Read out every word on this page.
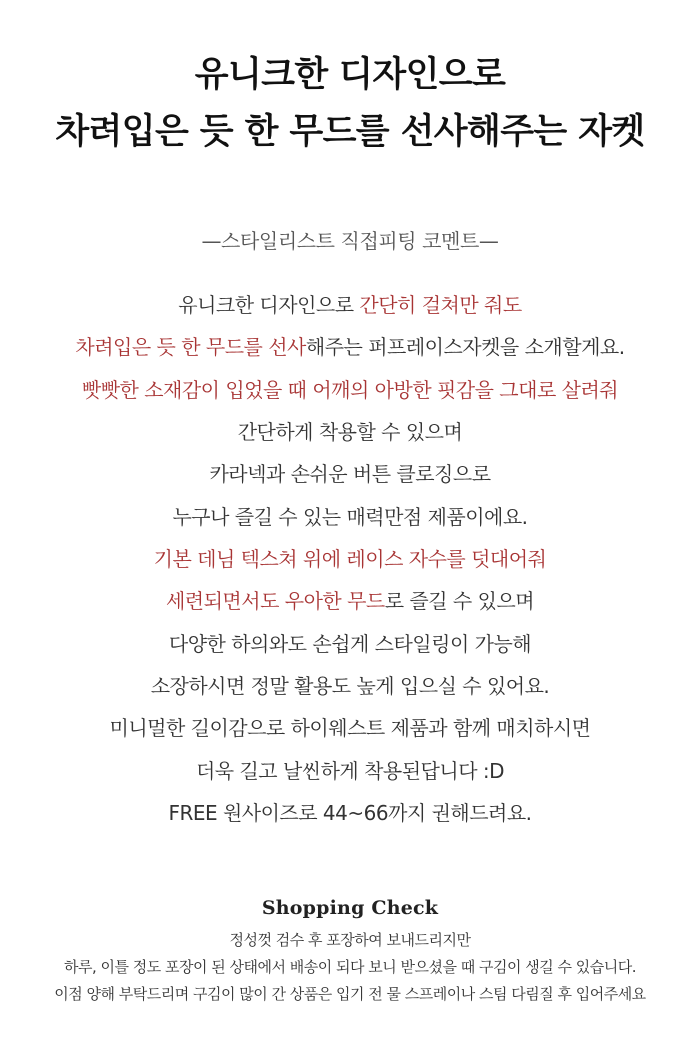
유니크한 디자인으로
차려입은 듯 한 무드를 선사해주는 자켓
—스타일리스트 직접피팅 코멘트—
유니크한 디자인으로 간단히 걸쳐만 줘도
차려입은 듯 한 무드를 선사해주는 퍼프레이스자켓을 소개할게요.
빳빳한 소재감이 입었을 때 어깨의 아방한 핏감을 그대로 살려줘
간단하게 착용할 수 있으며
카라넥과 손쉬운 버튼 클로징으로
누구나 즐길 수 있는 매력만점 제품이에요.
기본 데님 텍스쳐 위에 레이스 자수를 덧대어줘
세련되면서도 우아한 무드로 즐길 수 있으며
다양한 하의와도 손쉽게 스타일링이 가능해
소장하시면 정말 활용도 높게 입으실 수 있어요.
미니멀한 길이감으로 하이웨스트 제품과 함께 매치하시면
더욱 길고 날씬하게 착용된답니다 :D
FREE 원사이즈로 44~66까지 권해드려요.
Shopping Check
정성껏 검수 후 포장하여 보내드리지만
하루, 이틀 정도 포장이 된 상태에서 배송이 되다 보니 받으셨을 때 구김이 생길 수 있습니다.
이점 양해 부탁드리며 구김이 많이 간 상품은 입기 전 물 스프레이나 스팀 다림질 후 입어주세요
